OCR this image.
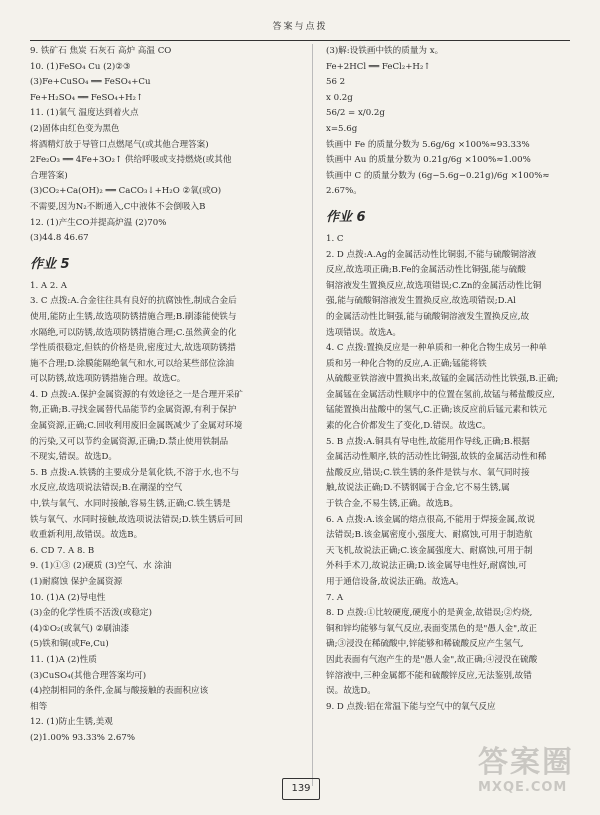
答案与点拨
9. 铁矿石 焦炭 石灰石 高炉 高温 CO
10. (1)FeSO₄ Cu (2)②③
(3)Fe+CuSO₄ ══ FeSO₄+Cu
Fe+H₂SO₄ ══ FeSO₄+H₂↑
11. (1)氧气 温度达到着火点
(2)固体由红色变为黑色
将酒精灯放于导管口点燃尾气(或其他合理答案)
2Fe₂O₃ ══ 4Fe+3O₂↑ 供给呼吸或支持燃烧(或其他
合理答案)
(3)CO₂+Ca(OH)₂ ══ CaCO₃↓+H₂O ②氧(或O)
不需要,因为N₂不断通入,C中液体不会倒吸入B
12. (1)产生CO并提高炉温 (2)70%
(3)44.8 46.67
作业 5
1. A 2. A
3. C 点拨:A.合金往往具有良好的抗腐蚀性,制成合金后
使用,能防止生锈,故选项防锈措施合理;B.刷漆能使铁与
水隔绝,可以防锈,故选项防锈措施合理;C.虽然黄金的化
学性质很稳定,但铁的价格是贵,密度过大,故选项防锈措
施不合理;D.涂膜能隔绝氧气和水,可以给某些部位涂油
可以防锈,故选项防锈措施合理。故选C。
4. D 点拨:A.保护金属资源的有效途径之一是合理开采矿
物,正确;B.寻找金属替代品能节约金属资源,有利于保护
金属资源,正确;C.回收利用废旧金属既减少了金属对环境
的污染,又可以节约金属资源,正确;D.禁止使用铁制品
不现实,错误。故选D。
5. B 点拨:A.铁锈的主要成分是氧化铁,不溶于水,也不与
水反应,故选项说法错误;B.在潮湿的空气
中,铁与氧气、水同时接触,容易生锈,正确;C.铁生锈是
铁与氧气、水同时接触,故选项说法错误;D.铁生锈后可回
收重新利用,故错误。故选B。
6. CD 7. A 8. B
9. (1)①③ (2)硬质 (3)空气、水 涂油
(1)耐腐蚀 保护金属资源
10. (1)A (2)导电性
(3)金的化学性质不活泼(或稳定)
(4)①O₂(或氧气) ②刷油漆
(5)铁和铜(或Fe,Cu)
11. (1)A (2)性质
(3)CuSO₄(其他合理答案均可)
(4)控制相同的条件,金属与酸接触的表面积应该
相等
12. (1)防止生锈,美观
(2)1.00% 93.33% 2.67%
(3)解:设铁画中铁的质量为 x。
Fe+2HCl ══ FeCl₂+H₂↑
56 2
x 0.2g
56/2 = x/0.2g
x=5.6g
铁画中 Fe 的质量分数为 5.6g/6g ×100%≈93.33%
铁画中 Au 的质量分数为 0.21g/6g ×100%≈1.00%
铁画中 C 的质量分数为 (6g−5.6g−0.21g)/6g ×100%≈
2.67%。
作业 6
1. C
2. D 点拨:A.Ag的金属活动性比铜弱,不能与硫酸铜溶液
反应,故选项正确;B.Fe的金属活动性比铜强,能与硫酸
铜溶液发生置换反应,故选项错误;C.Zn的金属活动性比铜
强,能与硫酸铜溶液发生置换反应,故选项错误;D.Al
的金属活动性比铜强,能与硫酸铜溶液发生置换反应,故
选项错误。故选A。
4. C 点拨:置换反应是一种单质和一种化合物生成另一种单
质和另一种化合物的反应,A.正确;锰能将铁
从硫酸亚铁溶液中置换出来,故锰的金属活动性比铁强,B.正确;
金属锰在金属活动性顺序中的位置在氢前,故锰与稀盐酸反应,
锰能置换出盐酸中的氢气,C.正确;该反应前后锰元素和铁元
素的化合价都发生了变化,D.错误。故选C。
5. B 点拨:A.铜具有导电性,故能用作导线,正确;B.根据
金属活动性顺序,铁的活动性比铜强,故铁的金属活动性和稀
盐酸反应,错误;C.铁生锈的条件是铁与水、氧气同时接
触,故说法正确;D.不锈钢属于合金,它不易生锈,属
于铁合金,不易生锈,正确。故选B。
6. A 点拨:A.该金属的熔点很高,不能用于焊接金属,故说
法错误;B.该金属密度小,强度大、耐腐蚀,可用于制造航
天飞机,故说法正确;C.该金属强度大、耐腐蚀,可用于制
外科手术刀,故说法正确;D.该金属导电性好,耐腐蚀,可
用于通信设备,故说法正确。故选A。
7. A
8. D 点拨:①比较硬度,硬度小的是黄金,故错误;②灼烧,
铜和锌均能够与氧气反应,表面变黑色的是"愚人金",故正
确;③浸没在稀硫酸中,锌能够和稀硫酸反应产生氢气,
因此表面有气泡产生的是"愚人金",故正确;④浸没在硫酸
锌溶液中,三种金属都不能和硫酸锌反应,无法鉴别,故错
误。故选D。
9. D 点拨:铝在常温下能与空气中的氧气反应
139
答案圈
MXQE.COM
